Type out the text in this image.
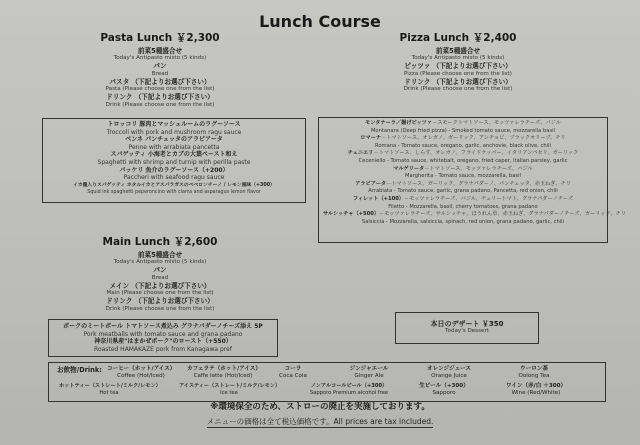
Lunch Course
Pasta Lunch ￥2,300
前菜5種盛合せ
Today's Antipasto misto (5 kinds)
パン
Bread
パスタ （下記よりお選び下さい）
Pasta (Please choose one from the list)
ドリンク （下記よりお選び下さい）
Drink (Please choose one from the list)
トロッコリ 豚肉とマッシュルームのラグーソース
Troccoli with pork and mushroom ragu sauce
ペンネ パンチェッタのアラビアータ
Penne with arrabiata pancetta
スパゲッティ 小海老とカブの大葉ペースト和え
Spaghetti with shrimp and turnip with perilla paste
パッケリ 魚介のラグーソース（+200）
Paccheri with seafood ragu sauce
イカ墨入りスパゲッティ ホタルイカとアスパラガスのペペロンチーノ / レモン風味（+300）
Squid ink spaghetti peperoncino with clams and asparagus lemon flavor
Main Lunch ￥2,600
前菜5種盛合せ
Today's Antipasto misto (5 kinds)
パン
Bread
メイン （下記よりお選び下さい）
Main (Please choose one from the list)
ドリンク （下記よりお選び下さい）
Drink (Please choose one from the list)
ポークのミートボール トマトソース煮込み グラナパダーノチーズ添え 5P
Pork meatballs with tomato sauce and grana padano
神奈川県産"はまかぜポーク"のロースト（+550）
Roasted HAMAKAZE pork from Kanagawa pref
Pizza Lunch ￥2,400
前菜5種盛合せ
Today's Antipasto misto (5 kinds)
ピッツァ （下記よりお選び下さい）
Pizza (Please choose one from the list)
ドリンク （下記よりお選び下さい）
Drink (Please choose one from the list)
モンタナーラ／揚げピッツァ－スモークトマトソース、モッツァレラチーズ、バジル
Montanara (Deep fried pizza) - Smoked tomato sauce, mozzarella basil
ロマーナ－トマトソース、オレガノ、ガーリック、アンチョビ、ブラックオリーブ、チリ
Romana - Tomato sauce, oregano, garlic, anchovie, black olive, chili
チェニエリ－トマトソース、しらす、オレガノ、フライドケッパー、イタリアンパセリ、ガーリック
Ceceniello - Tomato sauce, whitebait, oregano, fried caper, italian parsley, garlic
マルゲリータ－トマトソース、モッツァレラチーズ、バジル
Margherita - Tomato sauce, mozzarella, basil
アラビアータ－トマトソース、ガーリック、グラナパダーノ、パンチェッタ、赤玉ねぎ、チリ
Arrabiata - Tomato sauce, garlic, grana padano, Pancetta, red onion, chili
フィレット（+100）－モッツァレラチーズ、バジル、チェリートマト、グラナパダーノチーズ
Filetto - Mozzarella, basil, cherry tomatoes, grana padano
サルシッチャ（+500）－モッツァレラチーズ、サルシッチャ、ほうれん草、赤玉ねぎ、グラナパダーノチーズ、ガーリック、チリ
Salsiccia - Mozzarella, salsiccia, spinach, red onion, grana padano, garlic, chili
本日のデザート ￥350
Today's Dessert
お飲物/Drink: コーヒー（ホット/アイス）
Coffee (Hot/Iced)
カフェラテ（ホット/アイス）
Caffe latte (Hot/Iced)
コーラ
Coca Cola
ジンジャエール
Ginger Ale
オレンジジュース
Orange Juice
ウーロン茶
Oolong Tea
ホットティー（ストレート/ミルク/レモン）
Hot tea
アイスティー（ストレート/ミルク/レモン）
Ice tea
ノンアルコールビール（+300）
Sapporo Premium alcohol free
生ビール（+300）
Sapporo
ワイン（赤/白 ＋300）
Wine (Red/White)
※環境保全のため、ストローの廃止を実施しております。
メニューの価格は全て税込価格です。All prices are tax included.
